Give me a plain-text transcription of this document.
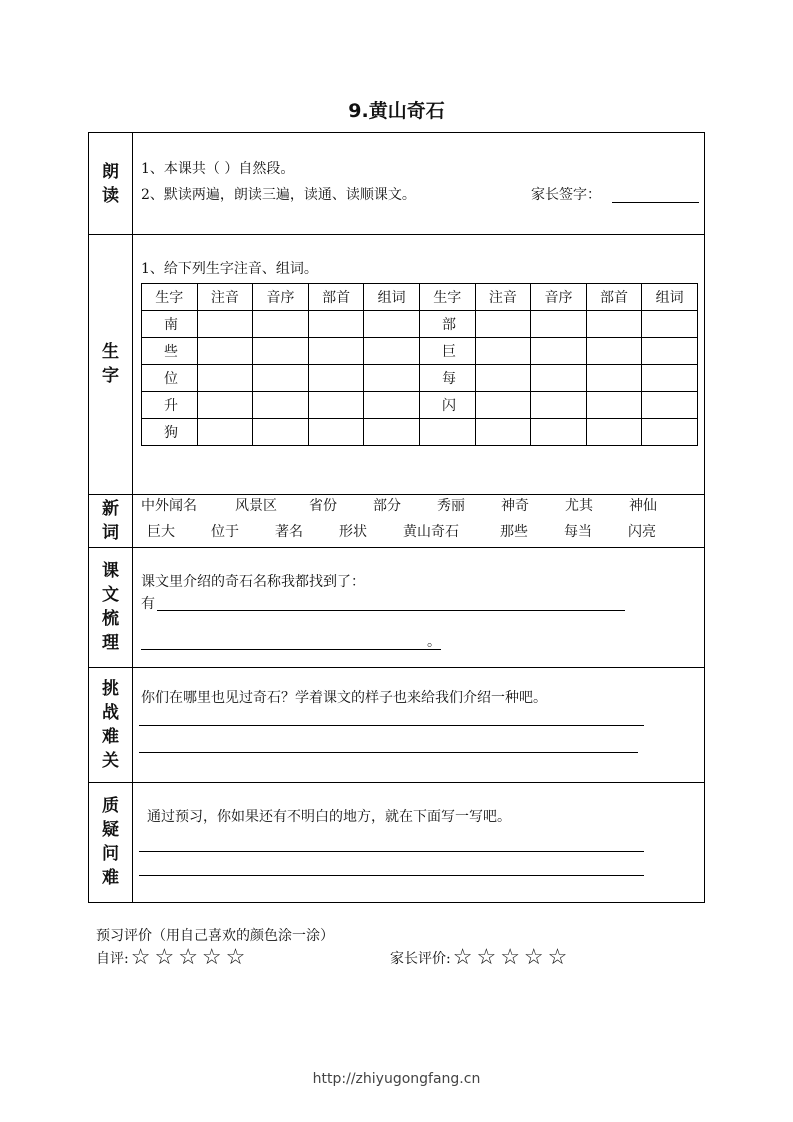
9.黄山奇石
朗
读
1、本课共（ ）自然段。
2、默读两遍，朗读三遍，读通、读顺课文。	家长签字：
生
字
1、给下列生字注音、组词。
生字	注音	音序	部首	组词	生字	注音	音序	部首	组词
南					部				
些					巨				
位					每				
升					闪				
狗									
新
词
中外闻名	风景区 省份	部分	秀丽	神奇	尤其	神仙
巨大	位于	著名	形状	黄山奇石	那些	每当	闪亮
课
文
梳
理
课文里介绍的奇石名称我都找到了：
有
。
挑
战
难
关
你们在哪里也见过奇石？学着课文的样子也来给我们介绍一种吧。
质
疑
问
难
通过预习，你如果还有不明白的地方，就在下面写一写吧。
预习评价（用自己喜欢的颜色涂一涂）
自评: ☆ ☆ ☆ ☆ ☆	家长评价: ☆ ☆ ☆ ☆ ☆
http://zhiyugongfang.cn
